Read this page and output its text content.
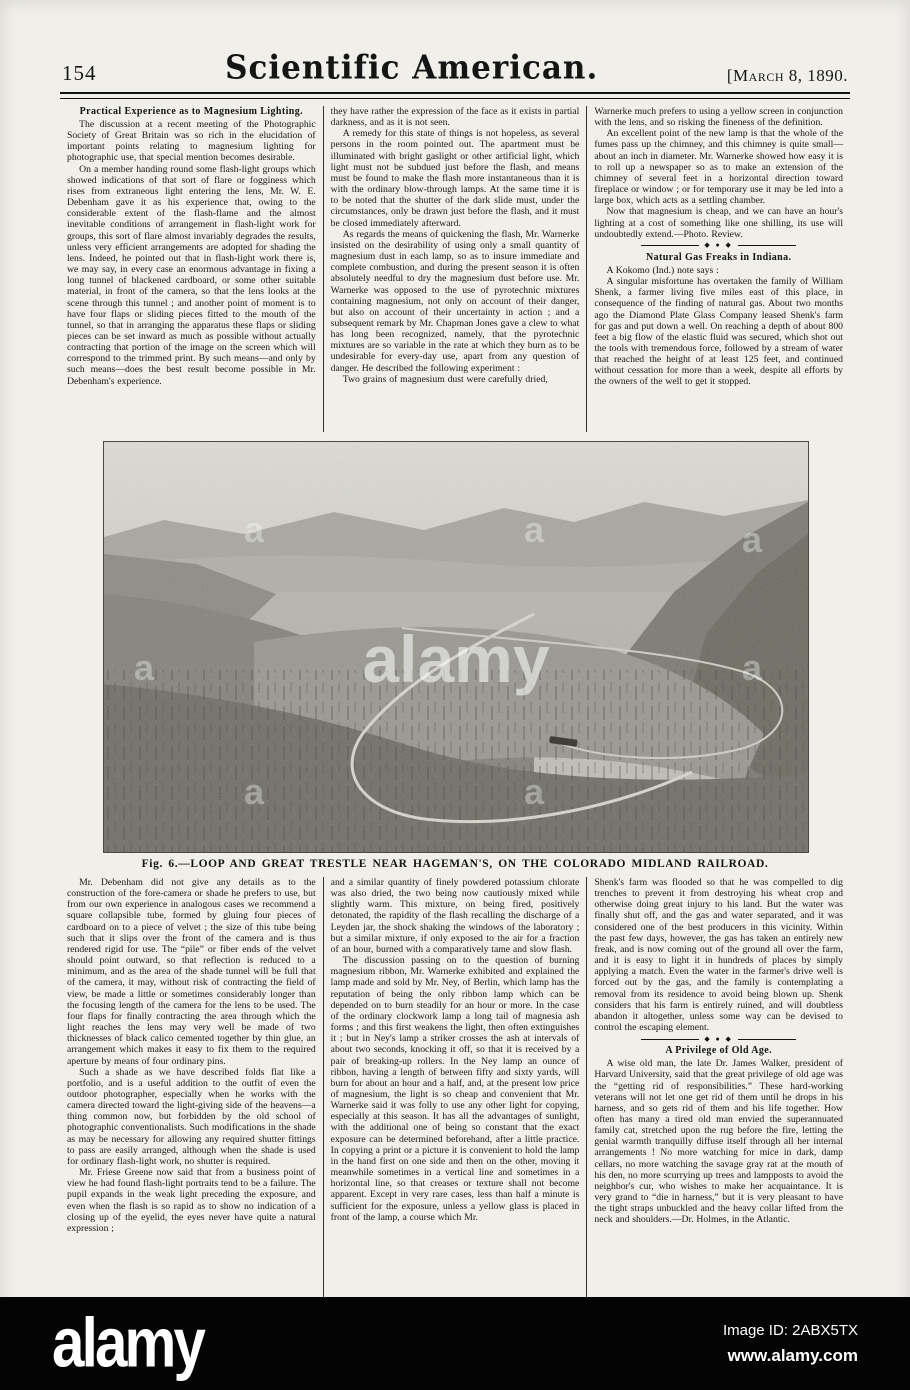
154	Scientific American.	[March 8, 1890.
Practical Experience as to Magnesium Lighting.

The discussion at a recent meeting of the Photographic Society of Great Britain was so rich in the elucidation of important points relating to magnesium lighting for photographic use, that special mention becomes desirable.

On a member handing round some flash-light groups which showed indications of that sort of flare or fogginess which rises from extraneous light entering the lens, Mr. W. E. Debenham gave it as his experience that, owing to the considerable extent of the flash-flame and the almost inevitable conditions of arrangement in flash-light work for groups, this sort of flare almost invariably degrades the results, unless very efficient arrangements are adopted for shading the lens. Indeed, he pointed out that in flash-light work there is, we may say, in every case an enormous advantage in fixing a long tunnel of blackened cardboard, or some other suitable material, in front of the camera, so that the lens looks at the scene through this tunnel ; and another point of moment is to have four flaps or sliding pieces fitted to the mouth of the tunnel, so that in arranging the apparatus these flaps or sliding pieces can be set inward as much as possible without actually contracting that portion of the image on the screen which will correspond to the trimmed print. By such means—and only by such means—does the best result become possible in Mr. Debenham's experience.

they have rather the expression of the face as it exists in partial darkness, and as it is not seen.

A remedy for this state of things is not hopeless, as several persons in the room pointed out. The apartment must be illuminated with bright gaslight or other artificial light, which light must not be subdued just before the flash, and means must be found to make the flash more instantaneous than it is with the ordinary blow-through lamps. At the same time it is to be noted that the shutter of the dark slide must, under the circumstances, only be drawn just before the flash, and it must be closed immediately afterward.

As regards the means of quickening the flash, Mr. Warnerke insisted on the desirability of using only a small quantity of magnesium dust in each lamp, so as to insure immediate and complete combustion, and during the present season it is often absolutely needful to dry the magnesium dust before use. Mr. Warnerke was opposed to the use of pyrotechnic mixtures containing magnesium, not only on account of their danger, but also on account of their uncertainty in action ; and a subsequent remark by Mr. Chapman Jones gave a clew to what has long been recognized, namely, that the pyrotechnic mixtures are so variable in the rate at which they burn as to be undesirable for every-day use, apart from any question of danger. He described the following experiment :

Two grains of magnesium dust were carefully dried,

Warnerke much prefers to using a yellow screen in conjunction with the lens, and so risking the fineness of the definition.

An excellent point of the new lamp is that the whole of the fumes pass up the chimney, and this chimney is quite small—about an inch in diameter. Mr. Warnerke showed how easy it is to roll up a newspaper so as to make an extension of the chimney of several feet in a horizontal direction toward fireplace or window ; or for temporary use it may be led into a large box, which acts as a settling chamber.

Now that magnesium is cheap, and we can have an hour's lighting at a cost of something like one shilling, its use will undoubtedly extend.—Photo. Review.

◆ ● ◆
Natural Gas Freaks in Indiana.

A Kokomo (Ind.) note says :

A singular misfortune has overtaken the family of William Shenk, a farmer living five miles east of this place, in consequence of the finding of natural gas. About two months ago the Diamond Plate Glass Company leased Shenk's farm for gas and put down a well. On reaching a depth of about 800 feet a big flow of the elastic fluid was secured, which shot out the tools with tremendous force, followed by a stream of water that reached the height of at least 125 feet, and continued without cessation for more than a week, despite all efforts by the owners of the well to get it stopped.

a	a	a
a	a
a	a
alamy
Fig. 6.—LOOP AND GREAT TRESTLE NEAR HAGEMAN'S, ON THE COLORADO MIDLAND RAILROAD.

Mr. Debenham did not give any details as to the construction of the fore-camera or shade he prefers to use, but from our own experience in analogous cases we recommend a square collapsible tube, formed by gluing four pieces of cardboard on to a piece of velvet ; the size of this tube being such that it slips over the front of the camera and is thus rendered rigid for use. The “pile” or fiber ends of the velvet should point outward, so that reflection is reduced to a minimum, and as the area of the shade tunnel will be full that of the camera, it may, without risk of contracting the field of view, be made a little or sometimes considerably longer than the focusing length of the camera for the lens to be used. The four flaps for finally contracting the area through which the light reaches the lens may very well be made of two thicknesses of black calico cemented together by thin glue, an arrangement which makes it easy to fix them to the required aperture by means of four ordinary pins.

Such a shade as we have described folds flat like a portfolio, and is a useful addition to the outfit of even the outdoor photographer, especially when he works with the camera directed toward the light-giving side of the heavens—a thing common now, but forbidden by the old school of photographic conventionalists. Such modifications in the shade as may be necessary for allowing any required shutter fittings to pass are easily arranged, although when the shade is used for ordinary flash-light work, no shutter is required.

Mr. Friese Greene now said that from a business point of view he had found flash-light portraits tend to be a failure. The pupil expands in the weak light preceding the exposure, and even when the flash is so rapid as to show no indication of a closing up of the eyelid, the eyes never have quite a natural expression ;

and a similar quantity of finely powdered potassium chlorate was also dried, the two being now cautiously mixed while slightly warm. This mixture, on being fired, positively detonated, the rapidity of the flash recalling the discharge of a Leyden jar, the shock shaking the windows of the laboratory ; but a similar mixture, if only exposed to the air for a fraction of an hour, burned with a comparatively tame and slow flash.

The discussion passing on to the question of burning magnesium ribbon, Mr. Warnerke exhibited and explained the lamp made and sold by Mr. Ney, of Berlin, which lamp has the reputation of being the only ribbon lamp which can be depended on to burn steadily for an hour or more. In the case of the ordinary clockwork lamp a long tail of magnesia ash forms ; and this first weakens the light, then often extinguishes it ; but in Ney's lamp a striker crosses the ash at intervals of about two seconds, knocking it off, so that it is received by a pair of breaking-up rollers. In the Ney lamp an ounce of ribbon, having a length of between fifty and sixty yards, will burn for about an hour and a half, and, at the present low price of magnesium, the light is so cheap and convenient that Mr. Warnerke said it was folly to use any other light for copying, especially at this season. It has all the advantages of sunlight, with the additional one of being so constant that the exact exposure can be determined beforehand, after a little practice. In copying a print or a picture it is convenient to hold the lamp in the hand first on one side and then on the other, moving it meanwhile sometimes in a vertical line and sometimes in a horizontal line, so that creases or texture shall not become apparent. Except in very rare cases, less than half a minute is sufficient for the exposure, unless a yellow glass is placed in front of the lamp, a course which Mr.

Shenk's farm was flooded so that he was compelled to dig trenches to prevent it from destroying his wheat crop and otherwise doing great injury to his land. But the water was finally shut off, and the gas and water separated, and it was considered one of the best producers in this vicinity. Within the past few days, however, the gas has taken an entirely new freak, and is now coming out of the ground all over the farm, and it is easy to light it in hundreds of places by simply applying a match. Even the water in the farmer's drive well is forced out by the gas, and the family is contemplating a removal from its residence to avoid being blown up. Shenk considers that his farm is entirely ruined, and will doubtless abandon it altogether, unless some way can be devised to control the escaping element.

◆ ● ◆
A Privilege of Old Age.

A wise old man, the late Dr. James Walker, president of Harvard University, said that the great privilege of old age was the “getting rid of responsibilities.” These hard-working veterans will not let one get rid of them until he drops in his harness, and so gets rid of them and his life together. How often has many a tired old man envied the superannuated family cat, stretched upon the rug before the fire, letting the genial warmth tranquilly diffuse itself through all her internal arrangements ! No more watching for mice in dark, damp cellars, no more watching the savage gray rat at the mouth of his den, no more scurrying up trees and lampposts to avoid the neighbor's cur, who wishes to make her acquaintance. It is very grand to “die in harness,” but it is very pleasant to have the tight straps unbuckled and the heavy collar lifted from the neck and shoulders.—Dr. Holmes, in the Atlantic.

alamy	Image ID: 2ABX5TX
www.alamy.com
